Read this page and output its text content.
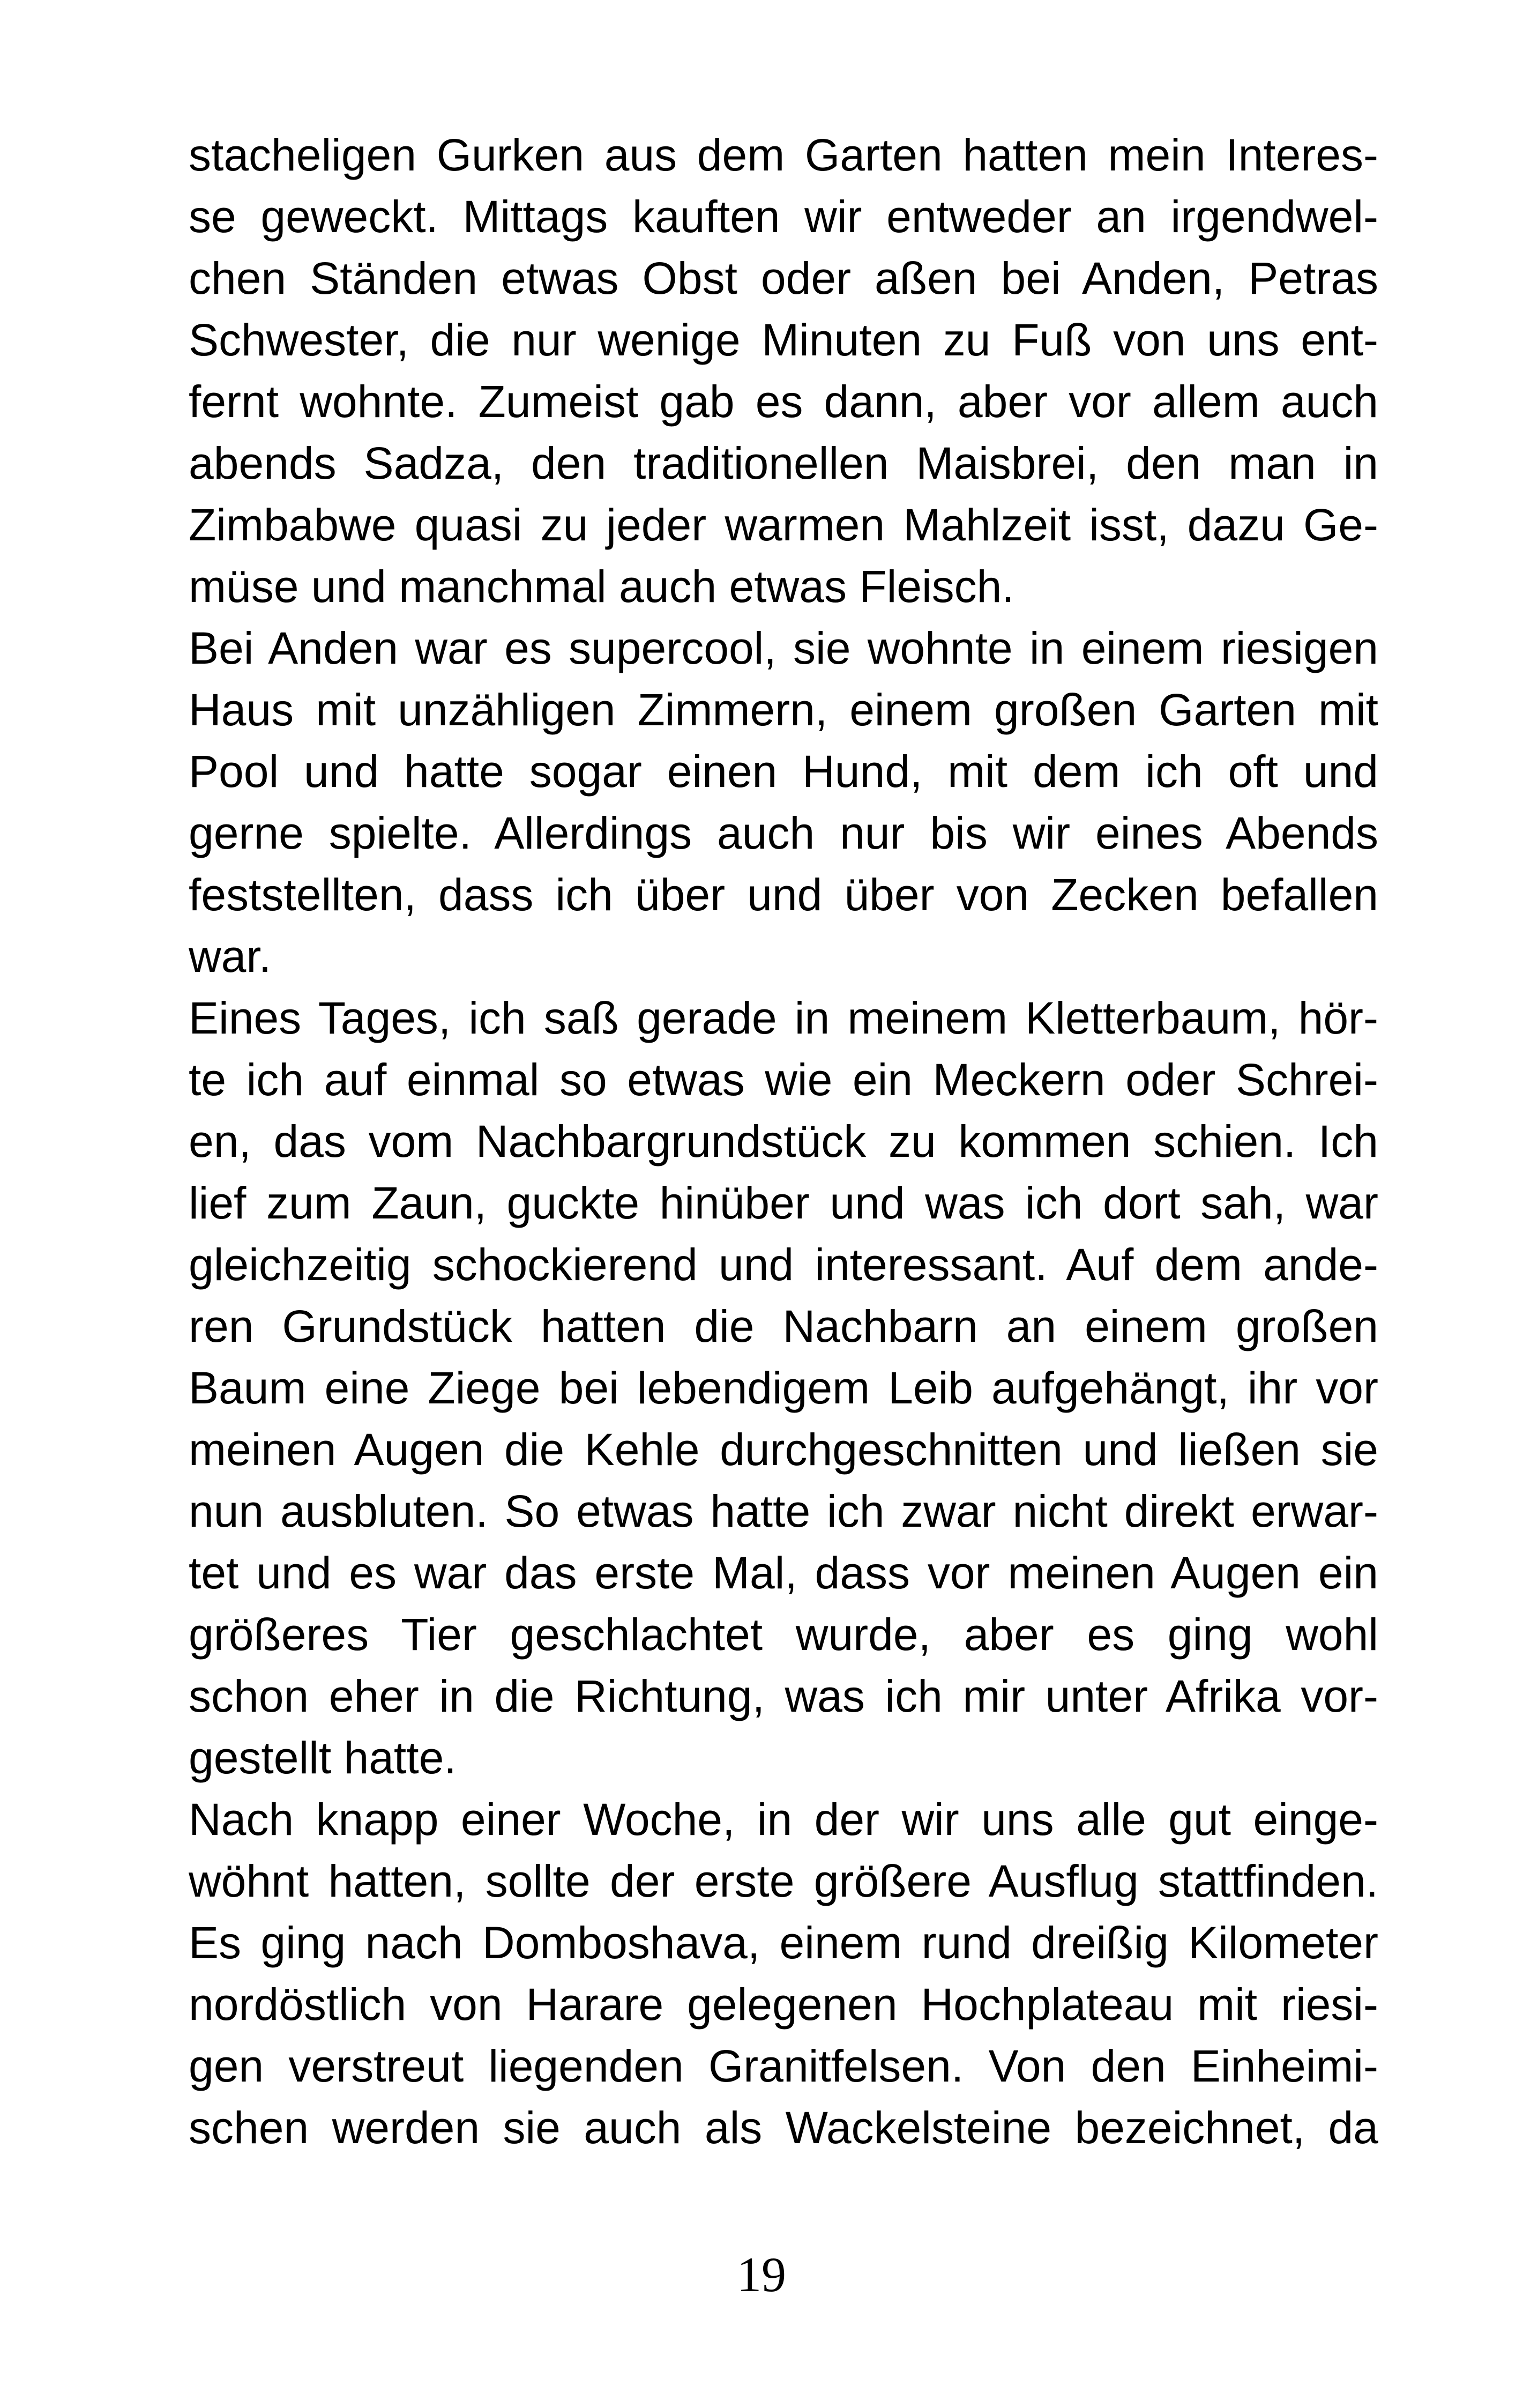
stacheligen Gurken aus dem Garten hatten mein Interes-
se geweckt. Mittags kauften wir entweder an irgendwel-
chen Ständen etwas Obst oder aßen bei Anden, Petras
Schwester, die nur wenige Minuten zu Fuß von uns ent-
fernt wohnte. Zumeist gab es dann, aber vor allem auch
abends Sadza, den traditionellen Maisbrei, den man in
Zimbabwe quasi zu jeder warmen Mahlzeit isst, dazu Ge-
müse und manchmal auch etwas Fleisch.
Bei Anden war es supercool, sie wohnte in einem riesigen
Haus mit unzähligen Zimmern, einem großen Garten mit
Pool und hatte sogar einen Hund, mit dem ich oft und
gerne spielte. Allerdings auch nur bis wir eines Abends
feststellten, dass ich über und über von Zecken befallen
war.
Eines Tages, ich saß gerade in meinem Kletterbaum, hör-
te ich auf einmal so etwas wie ein Meckern oder Schrei-
en, das vom Nachbargrundstück zu kommen schien. Ich
lief zum Zaun, guckte hinüber und was ich dort sah, war
gleichzeitig schockierend und interessant. Auf dem ande-
ren Grundstück hatten die Nachbarn an einem großen
Baum eine Ziege bei lebendigem Leib aufgehängt, ihr vor
meinen Augen die Kehle durchgeschnitten und ließen sie
nun ausbluten. So etwas hatte ich zwar nicht direkt erwar-
tet und es war das erste Mal, dass vor meinen Augen ein
größeres Tier geschlachtet wurde, aber es ging wohl
schon eher in die Richtung, was ich mir unter Afrika vor-
gestellt hatte.
Nach knapp einer Woche, in der wir uns alle gut einge-
wöhnt hatten, sollte der erste größere Ausflug stattfinden.
Es ging nach Domboshava, einem rund dreißig Kilometer
nordöstlich von Harare gelegenen Hochplateau mit riesi-
gen verstreut liegenden Granitfelsen. Von den Einheimi-
schen werden sie auch als Wackelsteine bezeichnet, da
19
